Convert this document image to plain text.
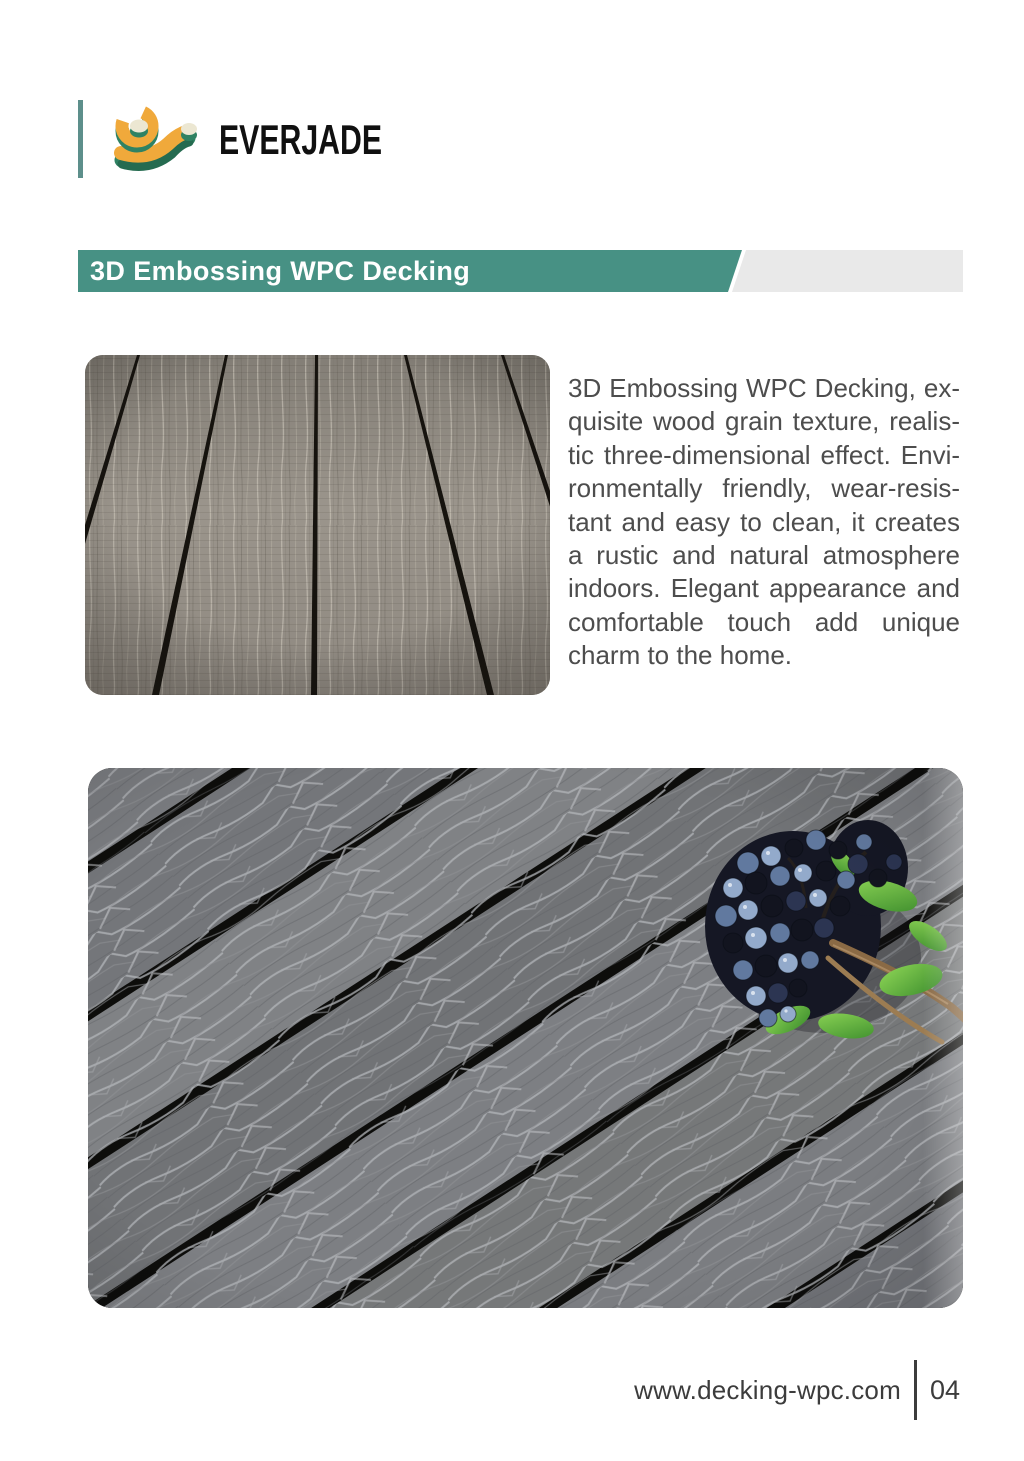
EVERJADE
3D Embossing WPC Decking
3D Embossing WPC Decking, ex-
quisite wood grain texture, realis-
tic three-dimensional effect. Envi-
ronmentally friendly, wear-resis-
tant and easy to clean, it creates
a rustic and natural atmosphere
indoors. Elegant appearance and
comfortable touch add unique
charm to the home.
www.decking-wpc.com 04
